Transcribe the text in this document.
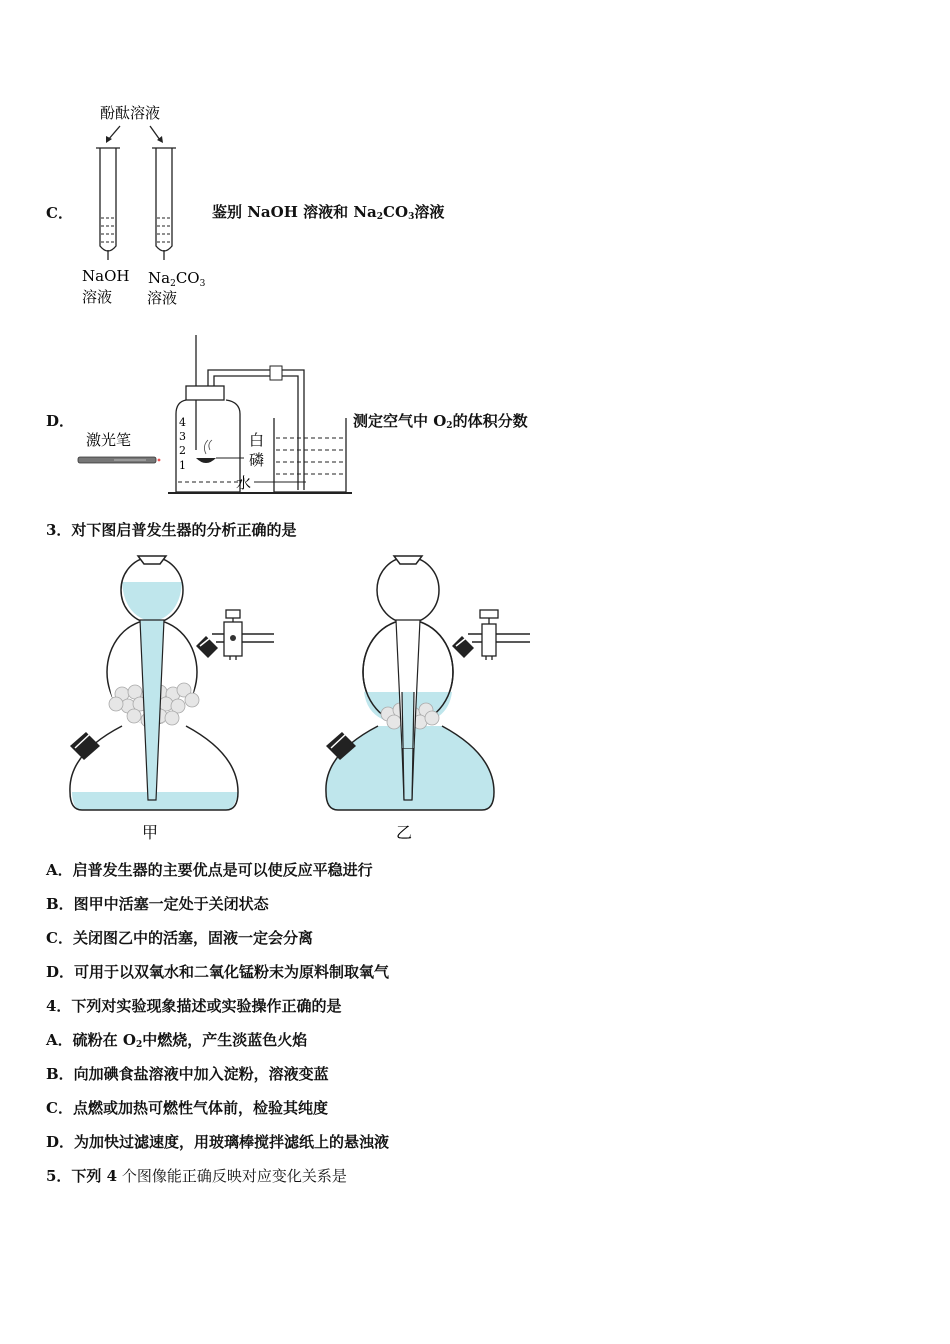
C．
酚酞溶液
NaOH
溶液
$Na_2CO_3$
溶液
鉴别 NaOH 溶液和 $Na_2CO_3$溶液
D．
激光笔
4
3
2
1
白
磷
水
测定空气中 $O_2$的体积分数
3．对下图启普发生器的分析正确的是
甲	乙
A．启普发生器的主要优点是可以使反应平稳进行
B．图甲中活塞一定处于关闭状态
C．关闭图乙中的活塞，固液一定会分离
D．可用于以双氧水和二氧化锰粉末为原料制取氧气
4．下列对实验现象描述或实验操作正确的是
A．硫粉在 $O_2$中燃烧，产生淡蓝色火焰
B．向加碘食盐溶液中加入淀粉，溶液变蓝
C．点燃或加热可燃性气体前，检验其纯度
D．为加快过滤速度，用玻璃棒搅拌滤纸上的悬浊液
5．下列 4 个图像能正确反映对应变化关系是
